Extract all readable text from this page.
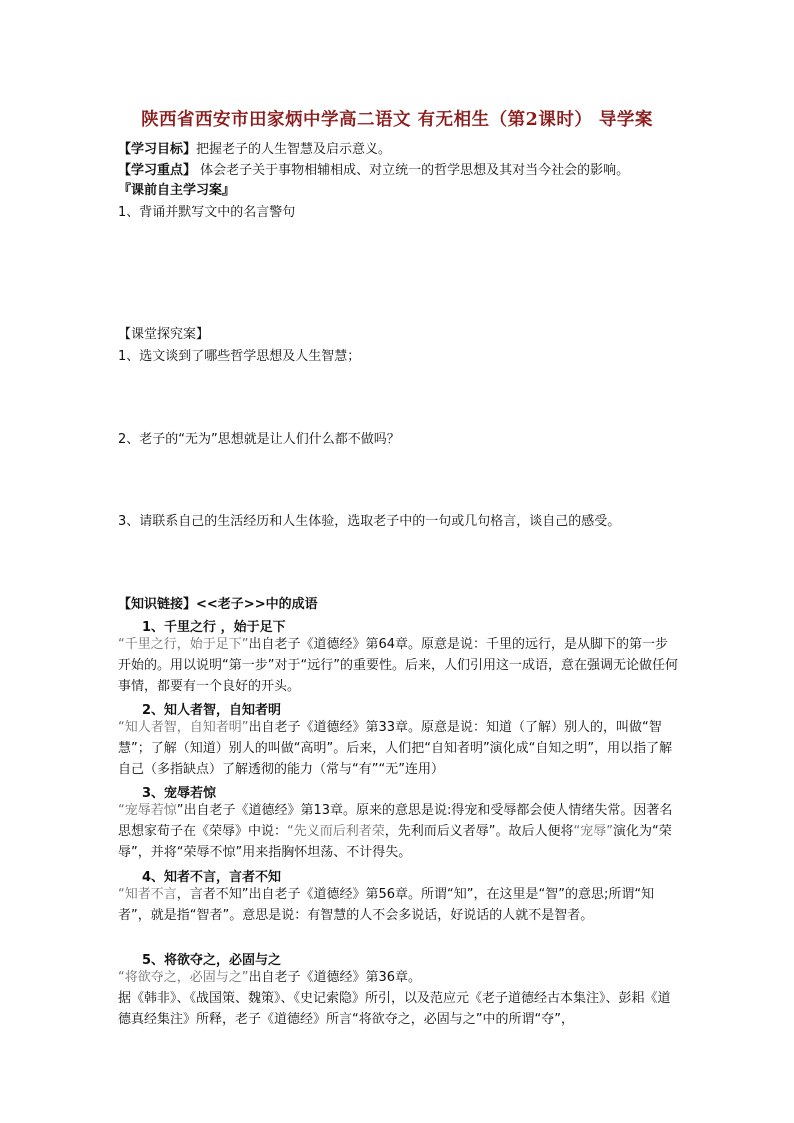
陕西省西安市田家炳中学高二语文 有无相生（第2课时） 导学案
【学习目标】把握老子的人生智慧及启示意义。
【学习重点】 体会老子关于事物相辅相成、对立统一的哲学思想及其对当今社会的影响。
『课前自主学习案』
1、背诵并默写文中的名言警句
【课堂探究案】
1、选文谈到了哪些哲学思想及人生智慧；
2、老子的“无为”思想就是让人们什么都不做吗？
3、请联系自己的生活经历和人生体验，选取老子中的一句或几句格言，谈自己的感受。
【知识链接】<<老子>>中的成语
1、千里之行 ，始于足下
“千里之行，始于足下”出自老子《道德经》第64章。原意是说：千里的远行，是从脚下的第一步开始的。用以说明“第一步”对于“远行”的重要性。后来，人们引用这一成语，意在强调无论做任何事情，都要有一个良好的开头。
2、知人者智，自知者明
“知人者智，自知者明”出自老子《道德经》第33章。原意是说：知道（了解）别人的，叫做“智慧”；了解（知道）别人的叫做“高明”。后来，人们把“自知者明”演化成“自知之明”，用以指了解自己（多指缺点）了解透彻的能力（常与“有”“无”连用）
3、宠辱若惊
“宠辱若惊”出自老子《道德经》第13章。原来的意思是说:得宠和受辱都会使人情绪失常。因著名思想家荀子在《荣辱》中说：“先义而后利者荣，先利而后义者辱”。故后人便将“宠辱”演化为“荣辱”，并将“荣辱不惊”用来指胸怀坦荡、不计得失。
4、知者不言，言者不知
“知者不言，言者不知”出自老子《道德经》第56章。所谓“知”，在这里是“智”的意思;所谓“知者”，就是指“智者”。意思是说：有智慧的人不会多说话，好说话的人就不是智者。
5、将欲夺之，必固与之
“将欲夺之，必固与之”出自老子《道德经》第36章。
据《韩非》、《战国策、魏策》、《史记索隐》所引，以及范应元《老子道德经古本集注》、彭耜《道德真经集注》所释，老子《道德经》所言“将欲夺之，必固与之”中的所谓“夺”，
